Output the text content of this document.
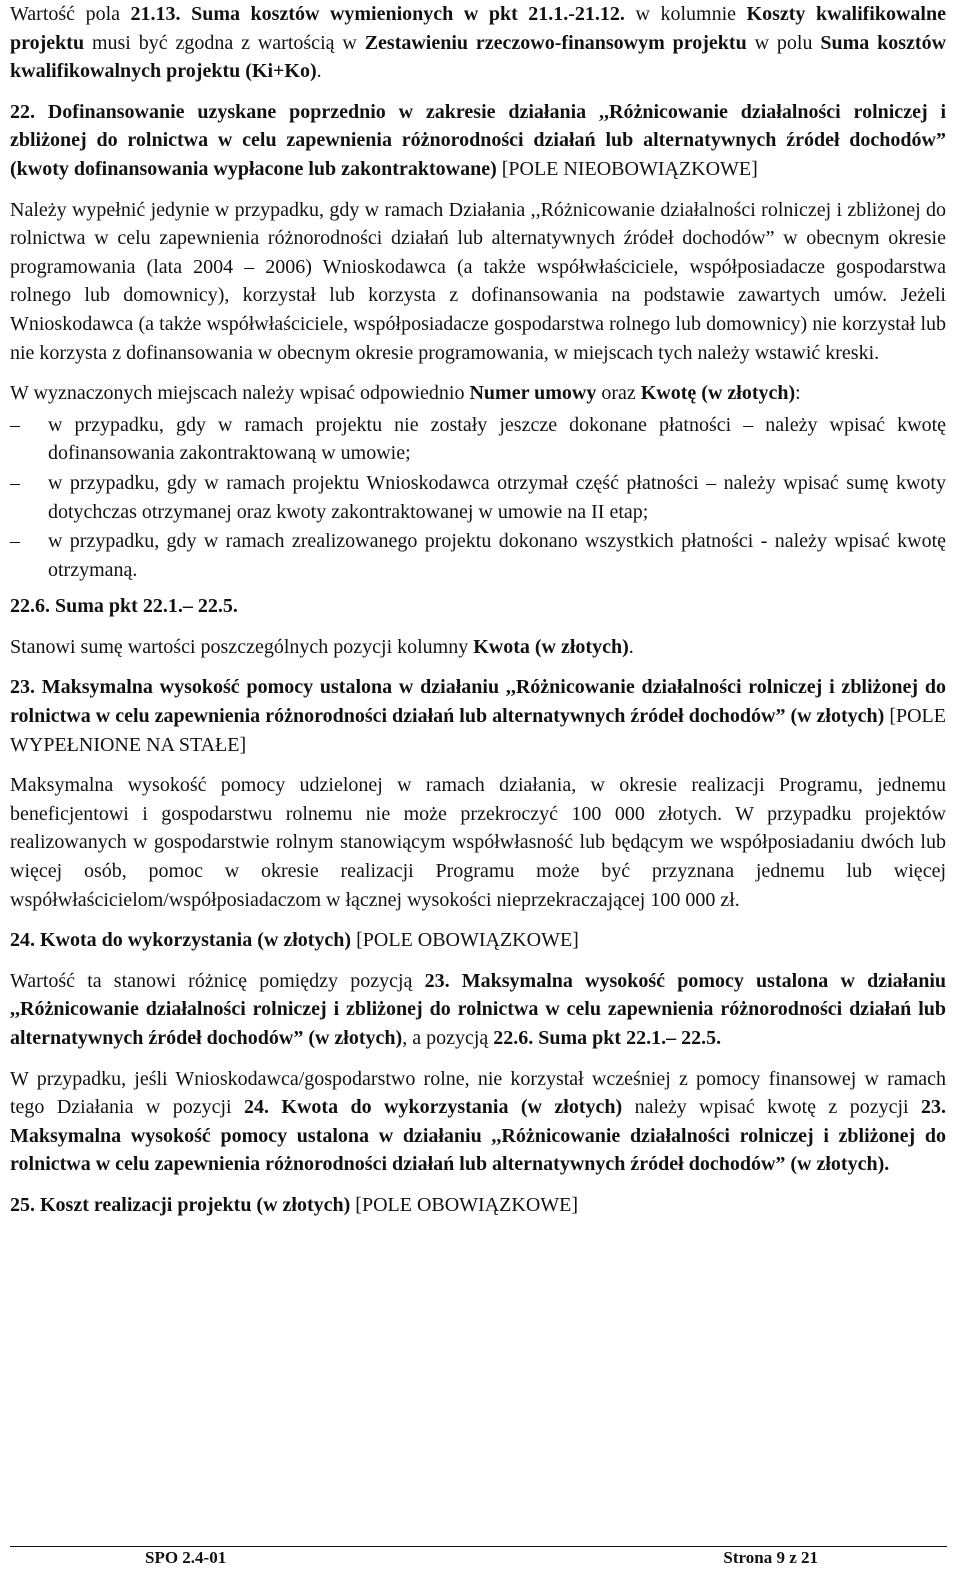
Wartość pola 21.13. Suma kosztów wymienionych w pkt 21.1.-21.12. w kolumnie Koszty kwalifikowalne projektu musi być zgodna z wartością w Zestawieniu rzeczowo-finansowym projektu w polu Suma kosztów kwalifikowalnych projektu (Ki+Ko).

22. Dofinansowanie uzyskane poprzednio w zakresie działania ,,Różnicowanie działalności rolniczej i zbliżonej do rolnictwa w celu zapewnienia różnorodności działań lub alternatywnych źródeł dochodów” (kwoty dofinansowania wypłacone lub zakontraktowane) [POLE NIEOBOWIĄZKOWE]

Należy wypełnić jedynie w przypadku, gdy w ramach Działania ,,Różnicowanie działalności rolniczej i zbliżonej do rolnictwa w celu zapewnienia różnorodności działań lub alternatywnych źródeł dochodów” w obecnym okresie programowania (lata 2004 – 2006) Wnioskodawca (a także współwłaściciele, współposiadacze gospodarstwa rolnego lub domownicy), korzystał lub korzysta z dofinansowania na podstawie zawartych umów. Jeżeli Wnioskodawca (a także współwłaściciele, współposiadacze gospodarstwa rolnego lub domownicy) nie korzystał lub nie korzysta z dofinansowania w obecnym okresie programowania, w miejscach tych należy wstawić kreski.

W wyznaczonych miejscach należy wpisać odpowiednio Numer umowy oraz Kwotę (w złotych):

– w przypadku, gdy w ramach projektu nie zostały jeszcze dokonane płatności – należy wpisać kwotę dofinansowania zakontraktowaną w umowie;
– w przypadku, gdy w ramach projektu Wnioskodawca otrzymał część płatności – należy wpisać sumę kwoty dotychczas otrzymanej oraz kwoty zakontraktowanej w umowie na II etap;
– w przypadku, gdy w ramach zrealizowanego projektu dokonano wszystkich płatności - należy wpisać kwotę otrzymaną.

22.6. Suma pkt 22.1.– 22.5.

Stanowi sumę wartości poszczególnych pozycji kolumny Kwota (w złotych).

23. Maksymalna wysokość pomocy ustalona w działaniu ,,Różnicowanie działalności rolniczej i zbliżonej do rolnictwa w celu zapewnienia różnorodności działań lub alternatywnych źródeł dochodów” (w złotych) [POLE WYPEŁNIONE NA STAŁE]

Maksymalna wysokość pomocy udzielonej w ramach działania, w okresie realizacji Programu, jednemu beneficjentowi i gospodarstwu rolnemu nie może przekroczyć 100 000 złotych. W przypadku projektów realizowanych w gospodarstwie rolnym stanowiącym współwłasność lub będącym we współposiadaniu dwóch lub więcej osób, pomoc w okresie realizacji Programu może być przyznana jednemu lub więcej współwłaścicielom/współposiadaczom w łącznej wysokości nieprzekraczającej 100 000 zł.

24. Kwota do wykorzystania (w złotych) [POLE OBOWIĄZKOWE]

Wartość ta stanowi różnicę pomiędzy pozycją 23. Maksymalna wysokość pomocy ustalona w działaniu ,,Różnicowanie działalności rolniczej i zbliżonej do rolnictwa w celu zapewnienia różnorodności działań lub alternatywnych źródeł dochodów” (w złotych), a pozycją 22.6. Suma pkt 22.1.– 22.5.

W przypadku, jeśli Wnioskodawca/gospodarstwo rolne, nie korzystał wcześniej z pomocy finansowej w ramach tego Działania w pozycji 24. Kwota do wykorzystania (w złotych) należy wpisać kwotę z pozycji 23. Maksymalna wysokość pomocy ustalona w działaniu ,,Różnicowanie działalności rolniczej i zbliżonej do rolnictwa w celu zapewnienia różnorodności działań lub alternatywnych źródeł dochodów” (w złotych).

25. Koszt realizacji projektu (w złotych) [POLE OBOWIĄZKOWE]

SPO 2.4-01	Strona 9 z 21
